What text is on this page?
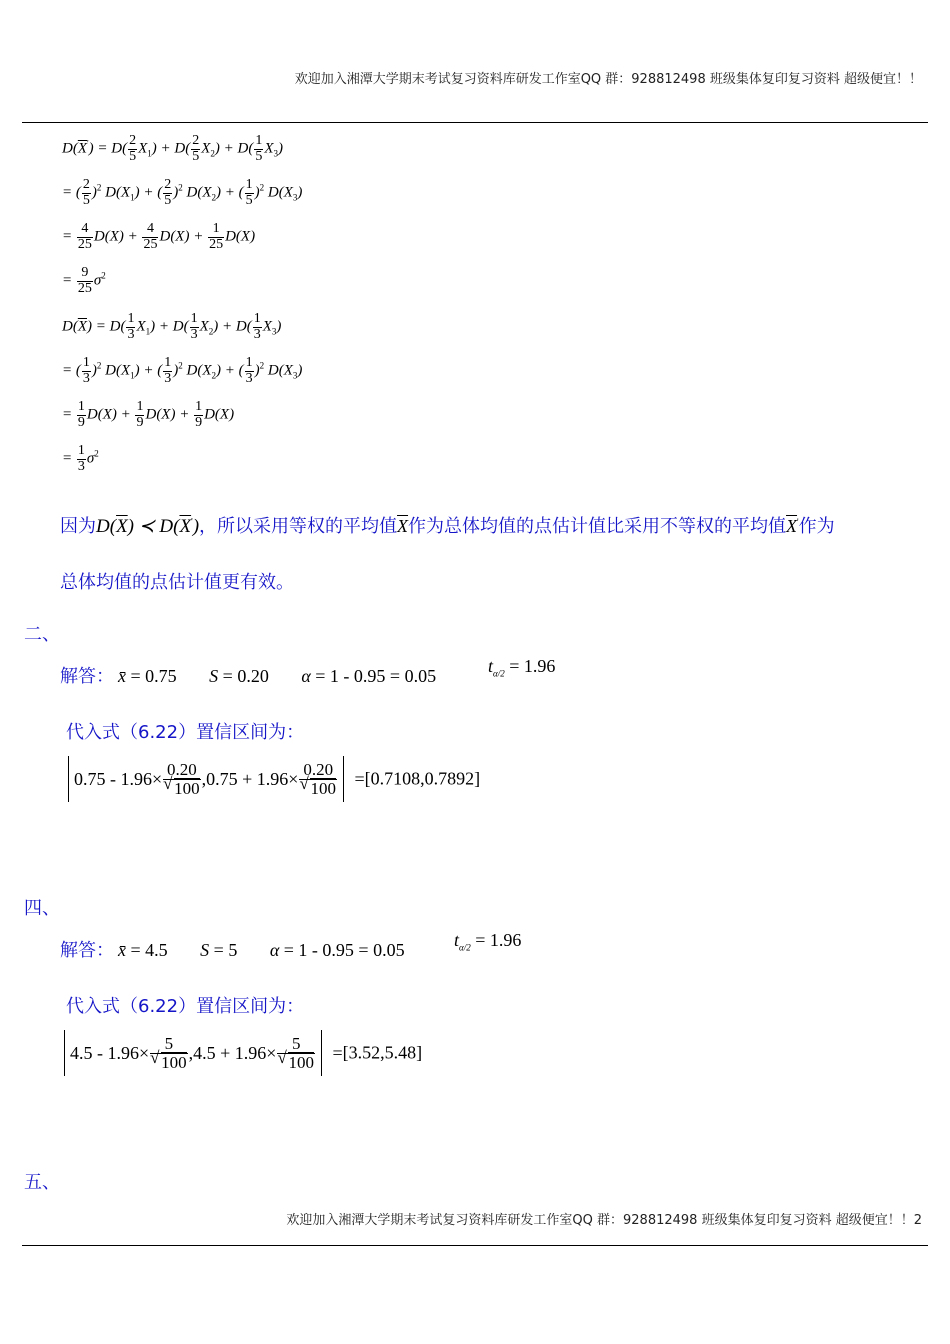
欢迎加入湘潭大学期末考试复习资料库研发工作室QQ 群：928812498 班级集体复印复习资料 超级便宜！！
$D(\overline{X}') = D( \frac{2}{5} X_1) + D( \frac{2}{5} X_2) + D( \frac{1}{5} X_3)$
= ( $\frac{2}{5} )^2$ $D(X_1)$ + ( $\frac{2}{5} )^2$ $D(X_2)$ + ( $\frac{1}{5} )^2$ $D(X_3)$
= $\frac{4}{25} D(X) + \frac{4}{25} D(X) + \frac{1}{25} D(X)$
= $\frac{9}{25} \sigma^2$
$D(\overline{X}) = D( \frac{1}{3} X_1) + D( \frac{1}{3} X_2) + D( \frac{1}{3} X_3)$
= ( $\frac{1}{3} )^2$ $D(X_1)$ + ( $\frac{1}{3} )^2$ $D(X_2)$ + ( $\frac{1}{3} )^2$ $D(X_3)$
= $\frac{1}{9} D(X) + \frac{1}{9} D(X) + \frac{1}{9} D(X)$
= $\frac{1}{3} \sigma^2$
因为$D(\overline{X})$ ≺ $D(\overline{X}')$，所以采用等权的平均值$\overline{X}$作为总体均值的点估计值比采用不等权的平均值$\overline{X}'$作为
总体均值的点估计值更有效。
二、
解答： x̄ = 0.75 S = 0.20 α = 1 - 0.95 = 0.05	$t_{\alpha/2} = 1.96$
代入式（6.22）置信区间为：
0.75 - 1.96× 0.20
√ 100 ,0.75 + 1.96× 0.20
√ 100 =[0.7108,0.7892]
四、
解答： x̄ = 4.5 S = 5 α = 1 - 0.95 = 0.05	$t_{\alpha/2} = 1.96$
代入式（6.22）置信区间为：
4.5 - 1.96× 5
√ 100 ,4.5 + 1.96× 5
√ 100 =[3.52,5.48]
五、
欢迎加入湘潭大学期末考试复习资料库研发工作室QQ 群：928812498 班级集体复印复习资料 超级便宜！！2
